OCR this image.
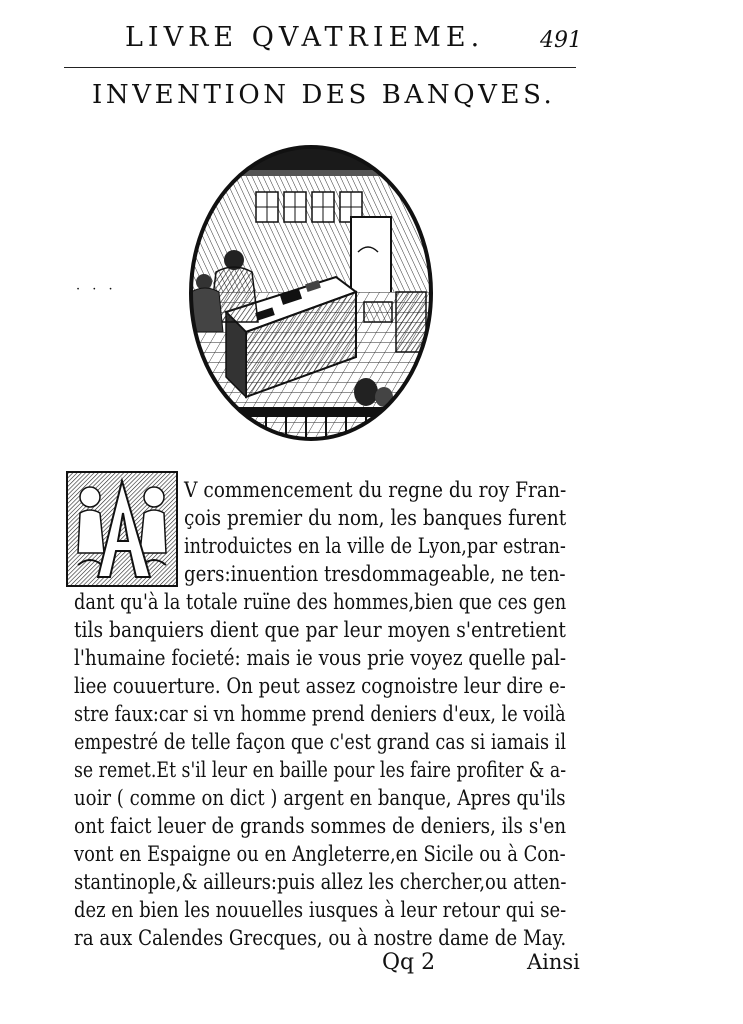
LIVRE QVATRIEME.	491
INVENTION DES BANQVES.
· · ·
V commencement du regne du roy Fran-
çois premier du nom, les banques furent
introduictes en la ville de Lyon,par estran-
gers:inuention tresdommageable, ne ten-
dant qu'à la totale ruïne des hommes,bien que ces gen
tils banquiers dient que par leur moyen s'entretient
l'humaine focieté: mais ie vous prie voyez quelle pal-
liee couuerture. On peut assez cognoistre leur dire e-
stre faux:car si vn homme prend deniers d'eux, le voilà
empestré de telle façon que c'est grand cas si iamais il
se remet.Et s'il leur en baille pour les faire profiter & a-
uoir ( comme on dict ) argent en banque, Apres qu'ils
ont faict leuer de grands sommes de deniers, ils s'en
vont en Espaigne ou en Angleterre,en Sicile ou à Con-
stantinople,& ailleurs:puis allez les chercher,ou atten-
dez en bien les nouuelles iusques à leur retour qui se-
ra aux Calendes Grecques, ou à nostre dame de May.
Qq 2	Ainsi
